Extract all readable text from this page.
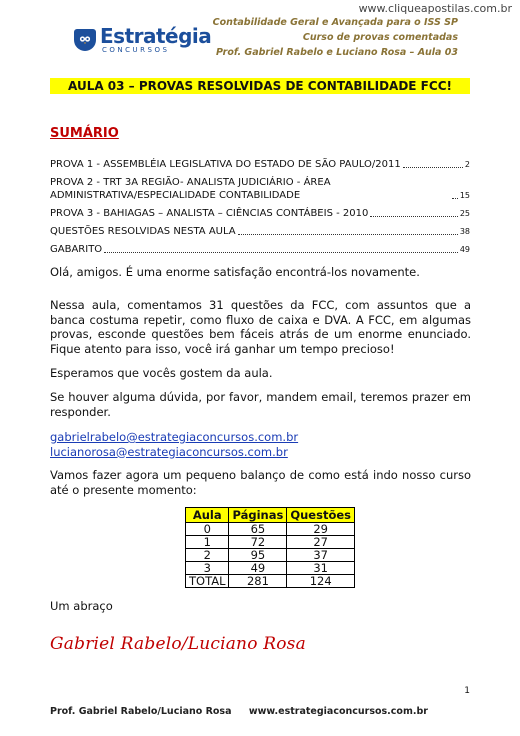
www.cliqueapostilas.com.br
Estratégia
CONCURSOS
Contabilidade Geral e Avançada para o ISS SP
Curso de provas comentadas
Prof. Gabriel Rabelo e Luciano Rosa – Aula 03
AULA 03 – PROVAS RESOLVIDAS DE CONTABILIDADE FCC!
SUMÁRIO
PROVA 1 - ASSEMBLÉIA LEGISLATIVA DO ESTADO DE SÃO PAULO/2011	2
PROVA 2 - TRT 3A REGIÃO- ANALISTA JUDICIÁRIO - ÁREA ADMINISTRATIVA/ESPECIALIDADE CONTABILIDADE	15
PROVA 3 - BAHIAGAS – ANALISTA – CIÊNCIAS CONTÁBEIS - 2010	25
QUESTÕES RESOLVIDAS NESTA AULA	38
GABARITO	49

Olá, amigos. É uma enorme satisfação encontrá-los novamente.

Nessa aula, comentamos 31 questões da FCC, com assuntos que a banca costuma repetir, como fluxo de caixa e DVA. A FCC, em algumas provas, esconde questões bem fáceis atrás de um enorme enunciado. Fique atento para isso, você irá ganhar um tempo precioso!

Esperamos que vocês gostem da aula.

Se houver alguma dúvida, por favor, mandem email, teremos prazer em responder.

gabrielrabelo@estrategiaconcursos.com.br
lucianorosa@estrategiaconcursos.com.br

Vamos fazer agora um pequeno balanço de como está indo nosso curso até o presente momento:

Aula	Páginas	Questões
0	65	29
1	72	27
2	95	37
3	49	31
TOTAL	281	124

Um abraço

Gabriel Rabelo/Luciano Rosa
1
Prof. Gabriel Rabelo/Luciano Rosa www.estrategiaconcursos.com.br
